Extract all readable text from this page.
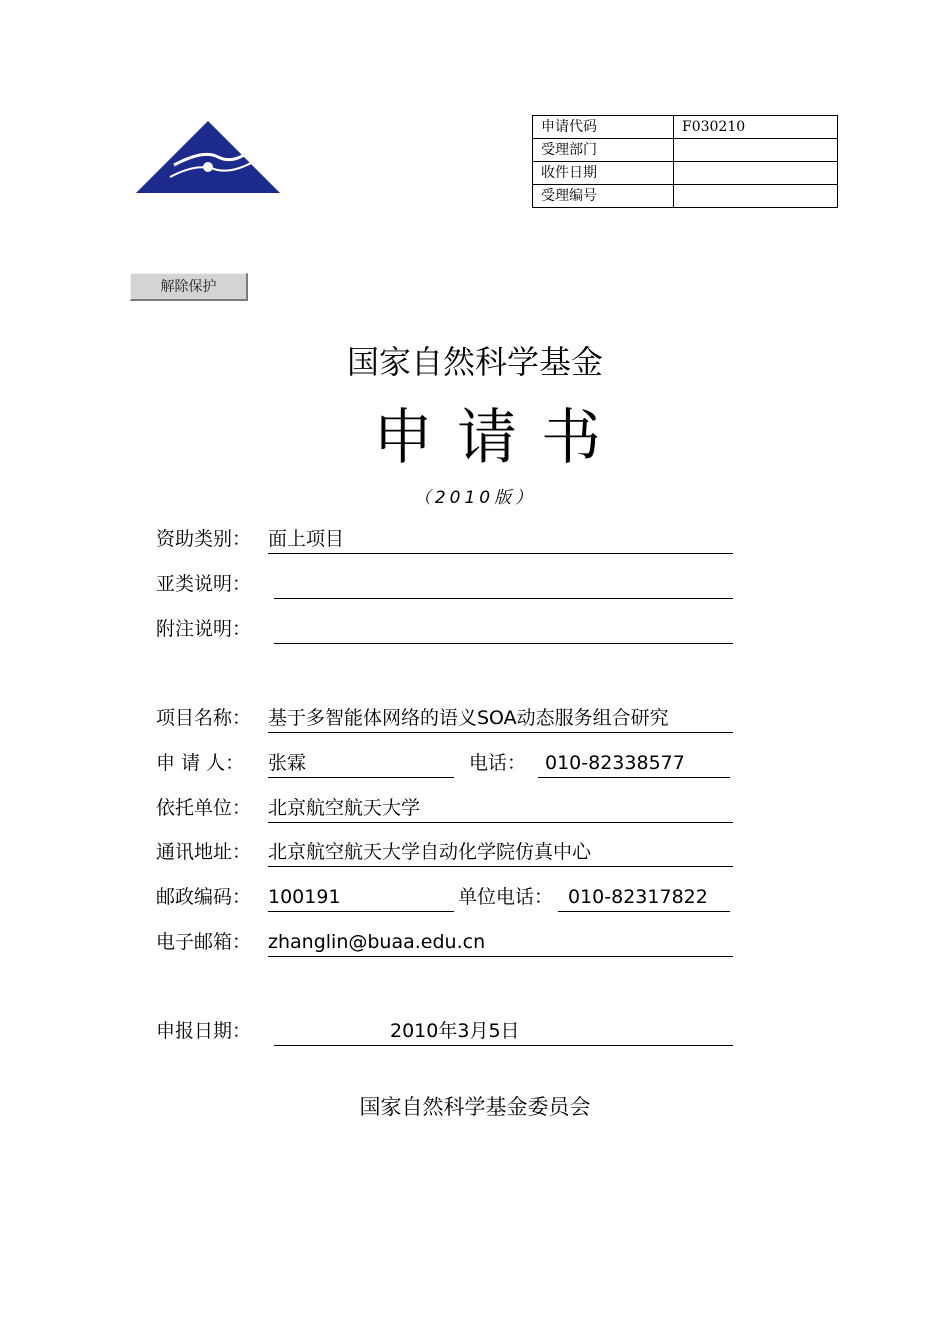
申请代码	F030210
受理部门	
收件日期	
受理编号	
解除保护
国家自然科学基金
申请书
（2010版）
资助类别： 面上项目
亚类说明：
附注说明：
项目名称： 基于多智能体网络的语义SOA动态服务组合研究
申 请 人： 张霖	电话： 010-82338577
依托单位： 北京航空航天大学
通讯地址： 北京航空航天大学自动化学院仿真中心
邮政编码： 100191	单位电话： 010-82317822
电子邮箱： zhanglin@buaa.edu.cn
申报日期：	2010年3月5日
国家自然科学基金委员会
